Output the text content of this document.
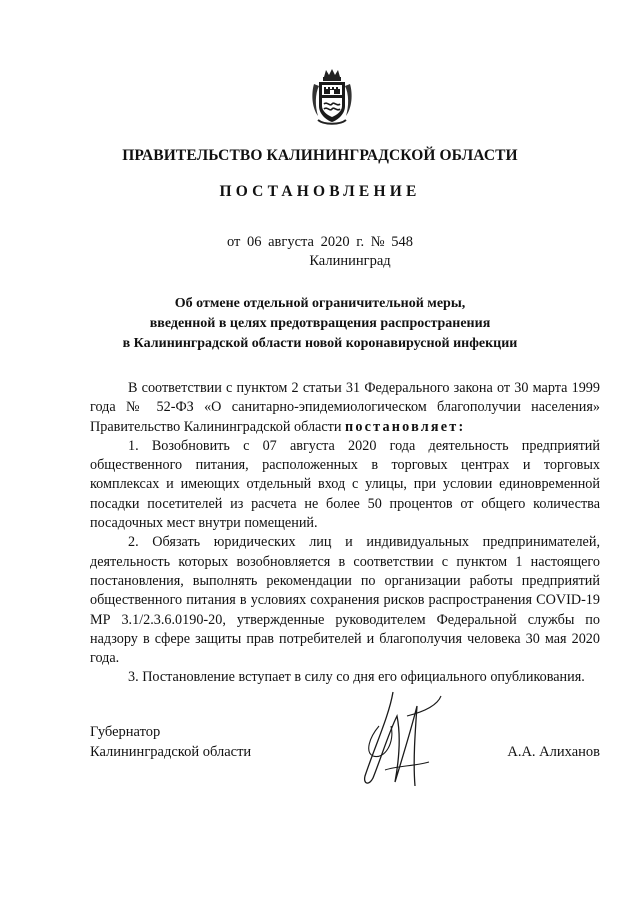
ПРАВИТЕЛЬСТВО КАЛИНИНГРАДСКОЙ ОБЛАСТИ
ПОСТАНОВЛЕНИЕ
от 06 августа 2020 г. № 548
Калининград
Об отмене отдельной ограничительной меры,
введенной в целях предотвращения распространения
в Калининградской области новой коронавирусной инфекции

В соответствии с пунктом 2 статьи 31 Федерального закона от 30 марта 1999 года № 52-ФЗ «О санитарно-эпидемиологическом благополучии населения» Правительство Калининградской области постановляет:

1. Возобновить с 07 августа 2020 года деятельность предприятий общественного питания, расположенных в торговых центрах и торговых комплексах и имеющих отдельный вход с улицы, при условии единовременной посадки посетителей из расчета не более 50 процентов от общего количества посадочных мест внутри помещений.

2. Обязать юридических лиц и индивидуальных предпринимателей, деятельность которых возобновляется в соответствии с пунктом 1 настоящего постановления, выполнять рекомендации по организации работы предприятий общественного питания в условиях сохранения рисков распространения COVID-19 МР 3.1/2.3.6.0190-20, утвержденные руководителем Федеральной службы по надзору в сфере защиты прав потребителей и благополучия человека 30 мая 2020 года.

3. Постановление вступает в силу со дня его официального опубликования.

Губернатор
Калининградской области	А.А. Алиханов
